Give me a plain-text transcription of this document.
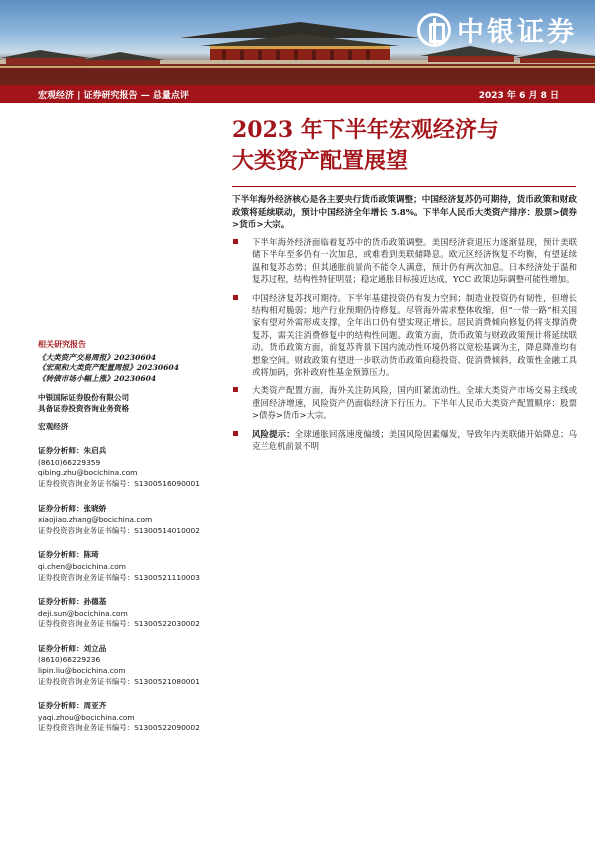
中银证券
宏观经济 | 证券研究报告 — 总量点评	2023 年 6 月 8 日
2023 年下半年宏观经济与
大类资产配置展望

下半年海外经济核心是各主要央行货币政策调整；中国经济复苏仍可期待，货币政策和财政政策将延续联动，预计中国经济全年增长 5.8%。下半年人民币大类资产排序：股票>债券>货币>大宗。

下半年海外经济面临着复苏中的货币政策调整。美国经济衰退压力逐渐显现，预计美联储下半年至多仍有一次加息，或难看到美联储降息。欧元区经济恢复不均衡，有望延续温和复苏态势；但其通胀前景尚不能令人满意，预计仍有两次加息。日本经济处于温和复苏过程，结构性特征明显；稳定通胀目标接近达成，YCC 政策边际调整可能性增加。
中国经济复苏找可期待。下半年基建投资仍有发力空间；制造业投资仍有韧性，但增长结构相对脆弱；地产行业预期仍待修复。尽管海外需求整体收缩，但“一带一路”相关国家有望对外需形成支撑，全年出口仍有望实现正增长。居民消费倾向修复仍将支撑消费复苏，需关注消费修复中的结构性问题。政策方面，货币政策与财政政策预计将延续联动。货币政策方面，前复苏背景下国内流动性环境仍将以宽松基调为主，降息降准均有想象空间。财政政策有望进一步联动货币政策向稳投资、促消费倾斜，政策性金融工具或将加码，弥补政府性基金预算压力。
大类资产配置方面，海外关注防风险，国内盯紧流动性。全球大类资产市场交易主线或重回经济增速，风险资产仍面临经济下行压力。下半年人民币大类资产配置顺序：股票>债券>货币>大宗。
风险提示：全球通胀回落速度偏缓；美国风险因素爆发，导致年内美联储开始降息；乌克兰危机前景不明
相关研究报告
《大类资产交易周报》20230604
《宏观和大类资产配置周报》20230604
《转债市场小幅上涨》20230604
中银国际证券股份有限公司
具备证券投资咨询业务资格
宏观经济
证券分析师：朱启兵
(8610)66229359
qibing.zhu@bocichina.com
证券投资咨询业务证书编号：S1300516090001
证券分析师：张晓娇
xiaojiao.zhang@bocichina.com
证券投资咨询业务证书编号：S1300514010002
证券分析师：陈琦
qi.chen@bocichina.com
证券投资咨询业务证书编号：S1300521110003
证券分析师：孙德基
deji.sun@bocichina.com
证券投资咨询业务证书编号：S1300522030002
证券分析师：刘立品
(8610)66229236
lipin.liu@bocichina.com
证券投资咨询业务证书编号：S1300521080001
证券分析师：周亚齐
yaqi.zhou@bocichina.com
证券投资咨询业务证书编号：S1300522090002
